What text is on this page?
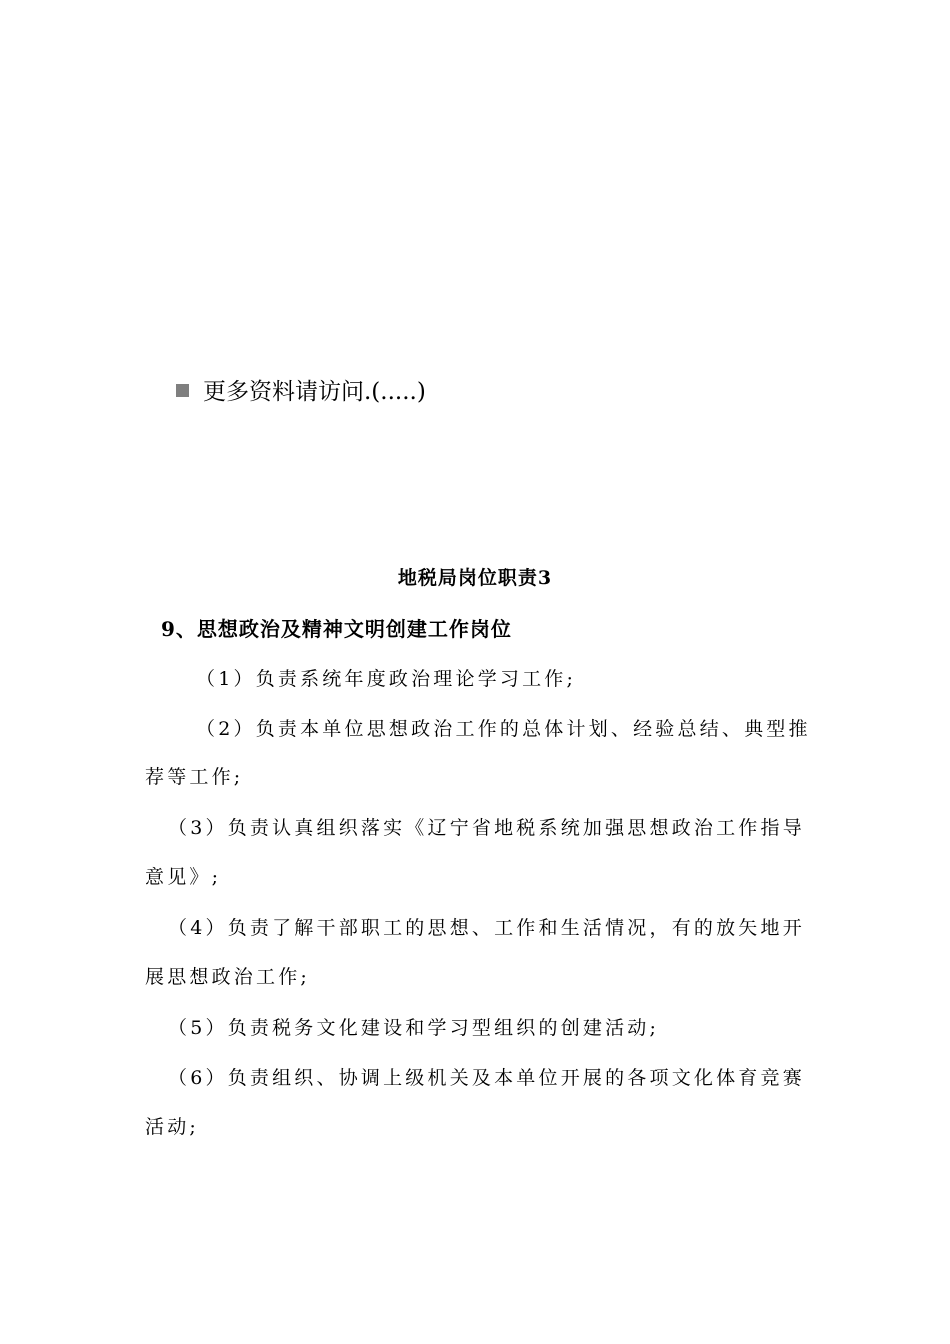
更多资料请访问.(.....)
地税局岗位职责3
9、思想政治及精神文明创建工作岗位
（1）负责系统年度政治理论学习工作;
（2）负责本单位思想政治工作的总体计划、经验总结、典型推
荐等工作;
（3）负责认真组织落实《辽宁省地税系统加强思想政治工作指导
意见》;
（4）负责了解干部职工的思想、工作和生活情况，有的放矢地开
展思想政治工作;
（5）负责税务文化建设和学习型组织的创建活动;
（6）负责组织、协调上级机关及本单位开展的各项文化体育竞赛
活动;
